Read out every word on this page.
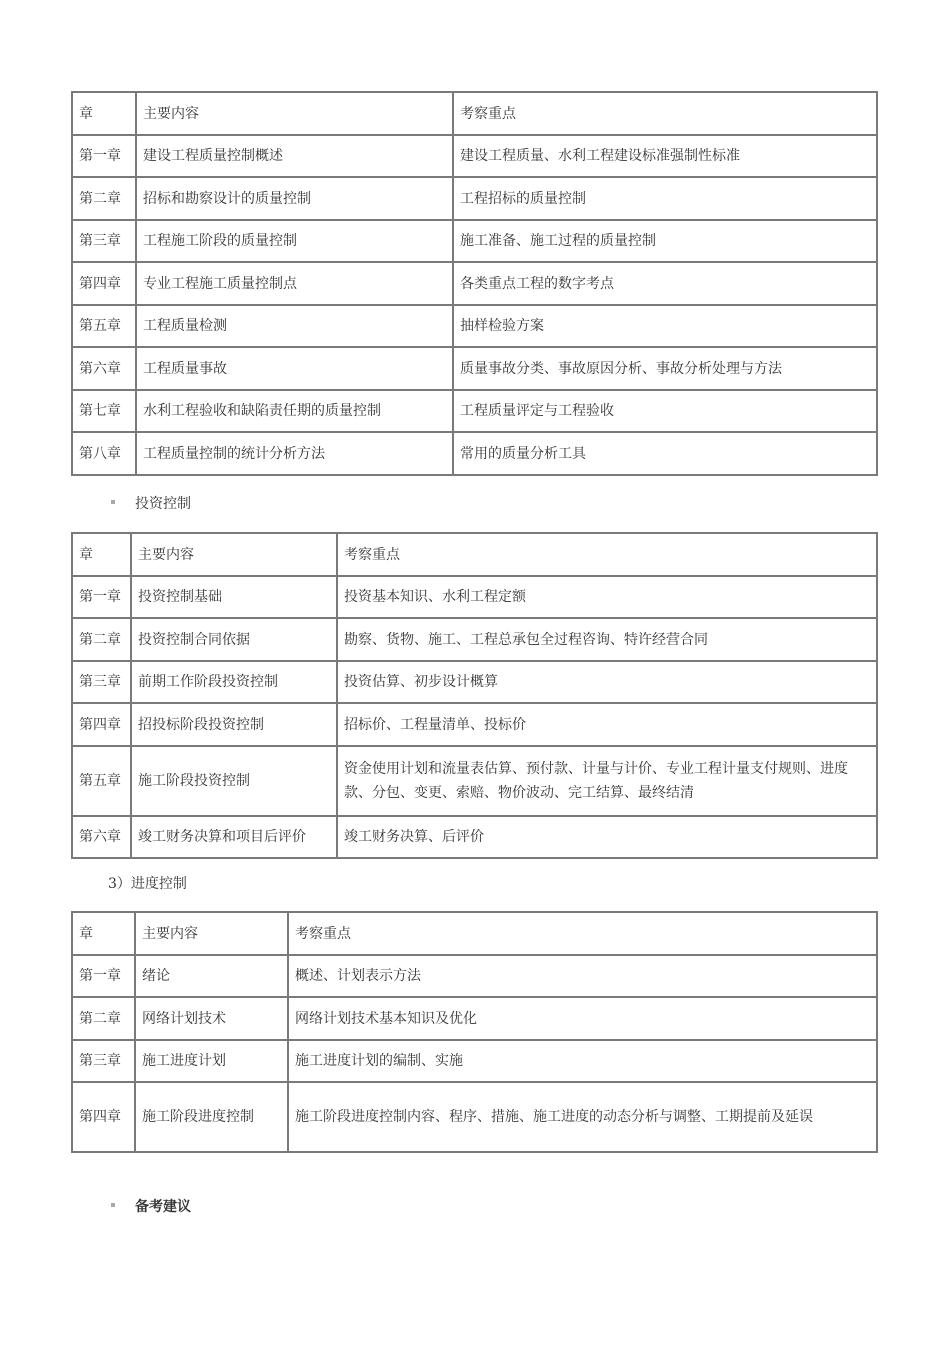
章	主要内容	考察重点
第一章	建设工程质量控制概述	建设工程质量、水利工程建设标准强制性标准
第二章	招标和勘察设计的质量控制	工程招标的质量控制
第三章	工程施工阶段的质量控制	施工准备、施工过程的质量控制
第四章	专业工程施工质量控制点	各类重点工程的数字考点
第五章	工程质量检测	抽样检验方案
第六章	工程质量事故	质量事故分类、事故原因分析、事故分析处理与方法
第七章	水利工程验收和缺陷责任期的质量控制	工程质量评定与工程验收
第八章	工程质量控制的统计分析方法	常用的质量分析工具
投资控制
章	主要内容	考察重点
第一章	投资控制基础	投资基本知识、水利工程定额
第二章	投资控制合同依据	勘察、货物、施工、工程总承包全过程咨询、特许经营合同
第三章	前期工作阶段投资控制	投资估算、初步设计概算
第四章	招投标阶段投资控制	招标价、工程量清单、投标价
第五章	施工阶段投资控制	资金使用计划和流量表估算、预付款、计量与计价、专业工程计量支付规则、进度款、分包、变更、索赔、物价波动、完工结算、最终结清
第六章	竣工财务决算和项目后评价	竣工财务决算、后评价
3）进度控制
章	主要内容	考察重点
第一章	绪论	概述、计划表示方法
第二章	网络计划技术	网络计划技术基本知识及优化
第三章	施工进度计划	施工进度计划的编制、实施
第四章	施工阶段进度控制	施工阶段进度控制内容、程序、措施、施工进度的动态分析与调整、工期提前及延误
备考建议
